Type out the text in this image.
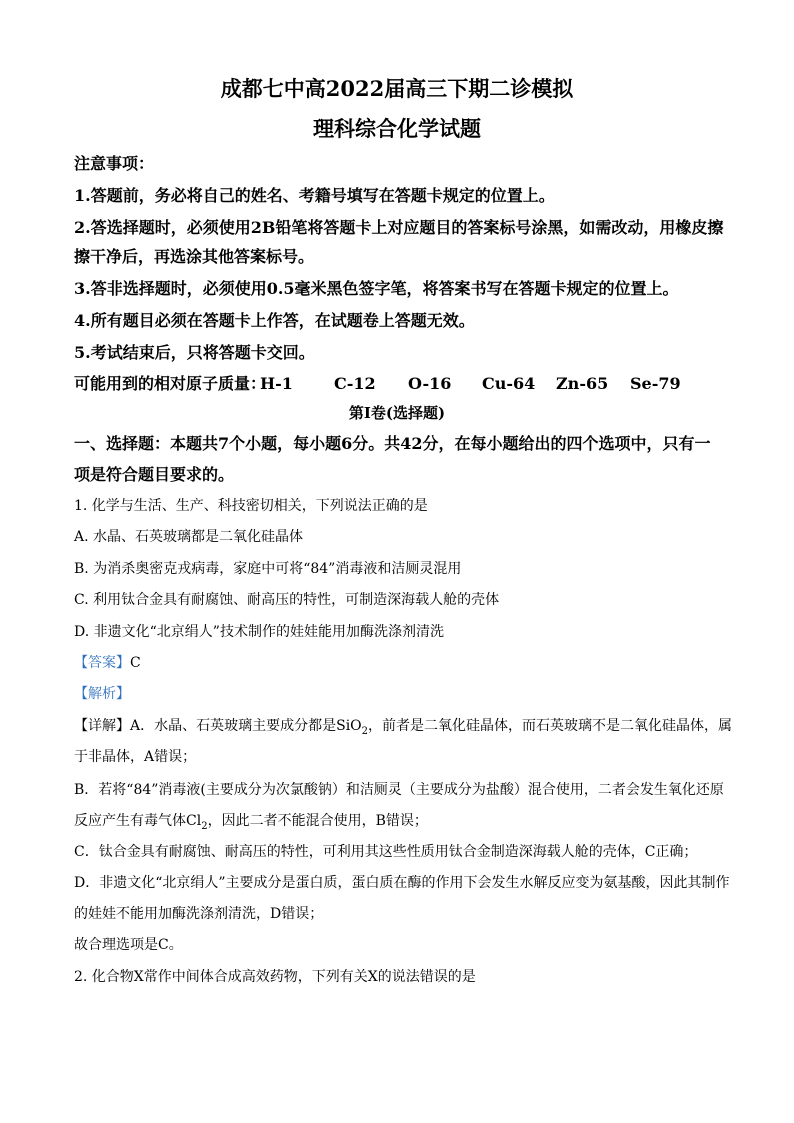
成都七中高2022届高三下期二诊模拟
理科综合化学试题
注意事项：
1.答题前，务必将自己的姓名、考籍号填写在答题卡规定的位置上。
2.答选择题时，必须使用2B铅笔将答题卡上对应题目的答案标号涂黑，如需改动，用橡皮擦
擦干净后，再选涂其他答案标号。
3.答非选择题时，必须使用0.5毫米黑色签字笔，将答案书写在答题卡规定的位置上。
4.所有题目必须在答题卡上作答，在试题卷上答题无效。
5.考试结束后，只将答题卡交回。
可能用到的相对原子质量：H-1	C-12 O-16 Cu-64 Zn-65 Se-79
第I卷(选择题)
一、选择题：本题共7个小题，每小题6分。共42分，在每小题给出的四个选项中，只有一
项是符合题目要求的。
1. 化学与生活、生产、科技密切相关，下列说法正确的是
A. 水晶、石英玻璃都是二氧化硅晶体
B. 为消杀奥密克戎病毒，家庭中可将“84”消毒液和洁厕灵混用
C. 利用钛合金具有耐腐蚀、耐高压的特性，可制造深海载人舱的壳体
D. 非遗文化“北京绢人”技术制作的娃娃能用加酶洗涤剂清洗
【答案】C
【解析】
【详解】A．水晶、石英玻璃主要成分都是SiO$_2$，前者是二氧化硅晶体，而石英玻璃不是二氧化硅晶体，属
于非晶体，A错误；
B．若将“84”消毒液(主要成分为次氯酸钠）和洁厕灵（主要成分为盐酸）混合使用，二者会发生氧化还原
反应产生有毒气体$Cl_2$，因此二者不能混合使用，B错误；
C．钛合金具有耐腐蚀、耐高压的特性，可利用其这些性质用钛合金制造深海载人舱的壳体，C正确；
D．非遗文化“北京绢人”主要成分是蛋白质，蛋白质在酶的作用下会发生水解反应变为氨基酸，因此其制作
的娃娃不能用加酶洗涤剂清洗，D错误；
故合理选项是C。
2. 化合物X常作中间体合成高效药物，下列有关X的说法错误的是
